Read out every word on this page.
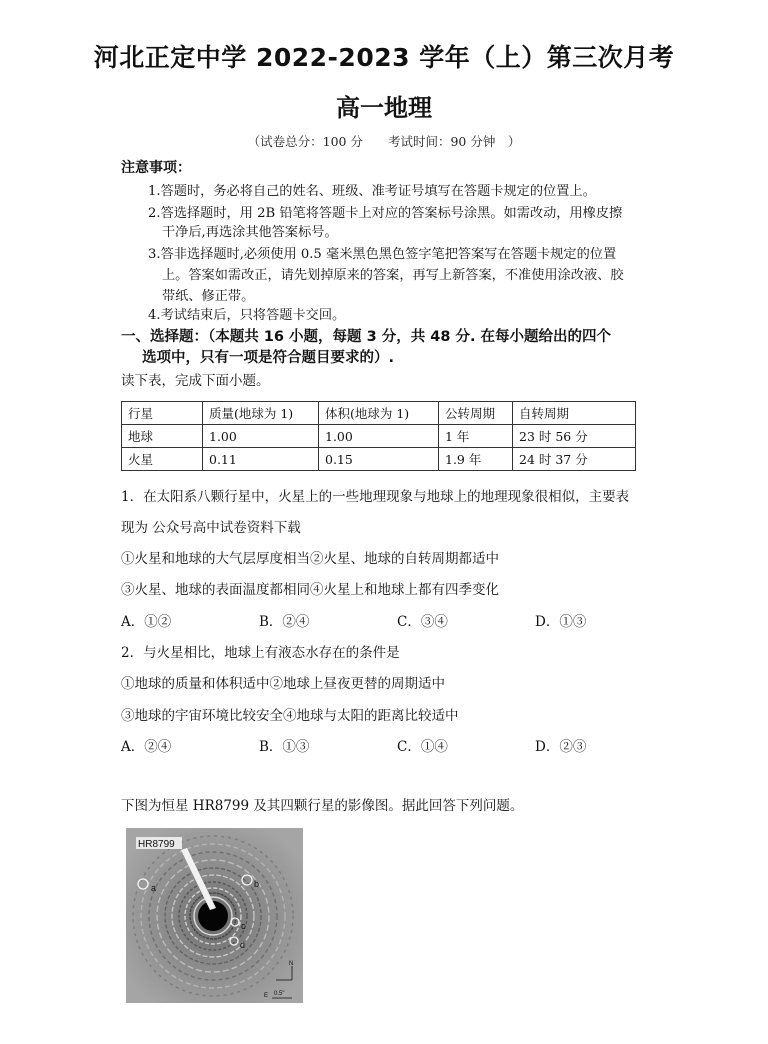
河北正定中学 2022-2023 学年（上）第三次月考
高一地理
（试卷总分：100 分　　考试时间：90 分钟　）
注意事项：
1.答题时，务必将自己的姓名、班级、准考证号填写在答题卡规定的位置上。
2.答选择题时，用 2B 铅笔将答题卡上对应的答案标号涂黑。如需改动，用橡皮擦
干净后,再选涂其他答案标号。
3.答非选择题时,必须使用 0.5 毫米黑色黑色签字笔把答案写在答题卡规定的位置
上。答案如需改正，请先划掉原来的答案，再写上新答案，不准使用涂改液、胶
带纸、修正带。
4.考试结束后，只将答题卡交回。
一、选择题：（本题共 16 小题，每题 3 分，共 48 分. 在每小题给出的四个
选项中，只有一项是符合题目要求的）.
读下表，完成下面小题。
行星	质量(地球为 1)	体积(地球为 1)	公转周期	自转周期
地球	1.00	1.00	1 年	23 时 56 分
火星	0.11	0.15	1.9 年	24 时 37 分
1．在太阳系八颗行星中，火星上的一些地理现象与地球上的地理现象很相似，主要表
现为 公众号高中试卷资料下载
①火星和地球的大气层厚度相当②火星、地球的自转周期都适中
③火星、地球的表面温度都相同④火星上和地球上都有四季变化
A．①②	B．②④	C．③④	D．①③
2．与火星相比，地球上有液态水存在的条件是
①地球的质量和体积适中②地球上昼夜更替的周期适中
③地球的宇宙环境比较安全④地球与太阳的距离比较适中
A．②④	B．①③	C．①④	D．②③
下图为恒星 HR8799 及其四颗行星的影像图。据此回答下列问题。
HR8799
a	b
c
d
N
E 0.5"
